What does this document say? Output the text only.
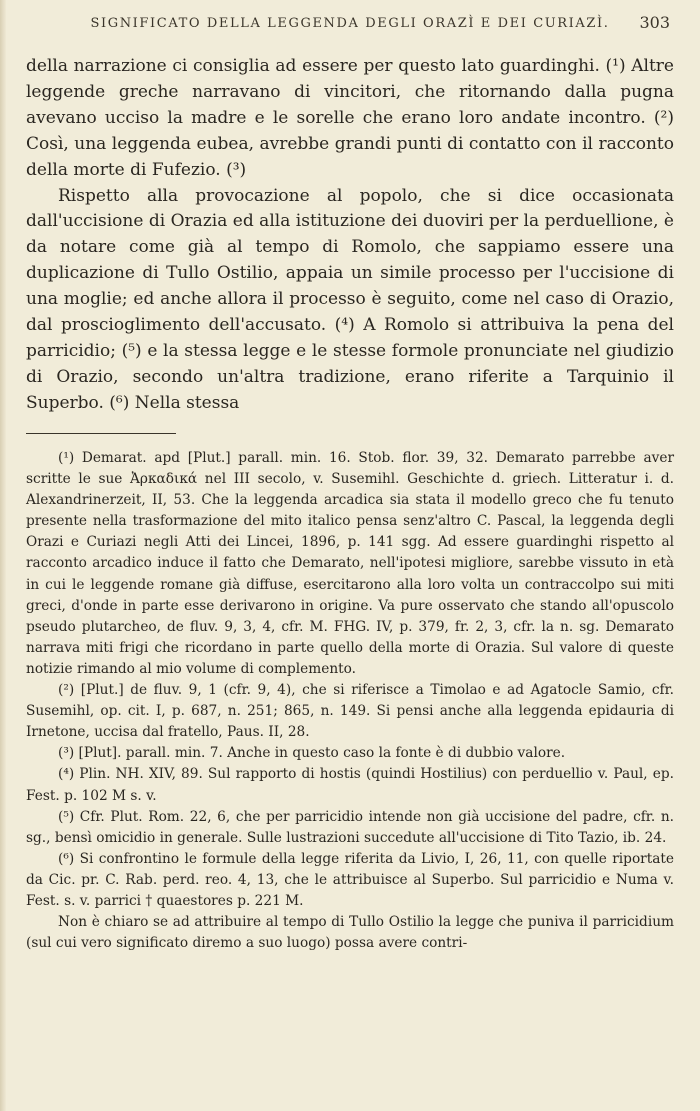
SIGNIFICATO DELLA LEGGENDA DEGLI ORAZÌ E DEI CURIAZÌ.	303

della narrazione ci consiglia ad essere per questo lato guardinghi. (¹) Altre leggende greche narravano di vincitori, che ritornando dalla pugna avevano ucciso la madre e le sorelle che erano loro andate incontro. (²) Così, una leggenda eubea, avrebbe grandi punti di contatto con il racconto della morte di Fufezio. (³)

Rispetto alla provocazione al popolo, che si dice occasionata dall'uccisione di Orazia ed alla istituzione dei duoviri per la perduellione, è da notare come già al tempo di Romolo, che sappiamo essere una duplicazione di Tullo Ostilio, appaia un simile processo per l'uccisione di una moglie; ed anche allora il processo è seguito, come nel caso di Orazio, dal proscioglimento dell'accusato. (⁴) A Romolo si attribuiva la pena del parricidio; (⁵) e la stessa legge e le stesse formole pronunciate nel giudizio di Orazio, secondo un'altra tradizione, erano riferite a Tarquinio il Superbo. (⁶) Nella stessa

(¹) Demarat. apd [Plut.] parall. min. 16. Stob. flor. 39, 32. Demarato parrebbe aver scritte le sue Ἀρκαδικά nel III secolo, v. Susemihl. Geschichte d. griech. Litteratur i. d. Alexandrinerzeit, II, 53. Che la leggenda arcadica sia stata il modello greco che fu tenuto presente nella trasformazione del mito italico pensa senz'altro C. Pascal, la leggenda degli Orazi e Curiazi negli Atti dei Lincei, 1896, p. 141 sgg. Ad essere guardinghi rispetto al racconto arcadico induce il fatto che Demarato, nell'ipotesi migliore, sarebbe vissuto in età in cui le leggende romane già diffuse, esercitarono alla loro volta un contraccolpo sui miti greci, d'onde in parte esse derivarono in origine. Va pure osservato che stando all'opuscolo pseudo plutarcheo, de fluv. 9, 3, 4, cfr. M. FHG. IV, p. 379, fr. 2, 3, cfr. la n. sg. Demarato narrava miti frigi che ricordano in parte quello della morte di Orazia. Sul valore di queste notizie rimando al mio volume di complemento.

(²) [Plut.] de fluv. 9, 1 (cfr. 9, 4), che si riferisce a Timolao e ad Agatocle Samio, cfr. Susemihl, op. cit. I, p. 687, n. 251; 865, n. 149. Si pensi anche alla leggenda epidauria di Irnetone, uccisa dal fratello, Paus. II, 28.

(³) [Plut]. parall. min. 7. Anche in questo caso la fonte è di dubbio valore.

(⁴) Plin. NH. XIV, 89. Sul rapporto di hostis (quindi Hostilius) con perduellio v. Paul, ep. Fest. p. 102 M s. v.

(⁵) Cfr. Plut. Rom. 22, 6, che per parricidio intende non già uccisione del padre, cfr. n. sg., bensì omicidio in generale. Sulle lustrazioni succedute all'uccisione di Tito Tazio, ib. 24.

(⁶) Si confrontino le formule della legge riferita da Livio, I, 26, 11, con quelle riportate da Cic. pr. C. Rab. perd. reo. 4, 13, che le attribuisce al Superbo. Sul parricidio e Numa v. Fest. s. v. parrici † quaestores p. 221 M.

Non è chiaro se ad attribuire al tempo di Tullo Ostilio la legge che puniva il parricidium (sul cui vero significato diremo a suo luogo) possa avere contri-
